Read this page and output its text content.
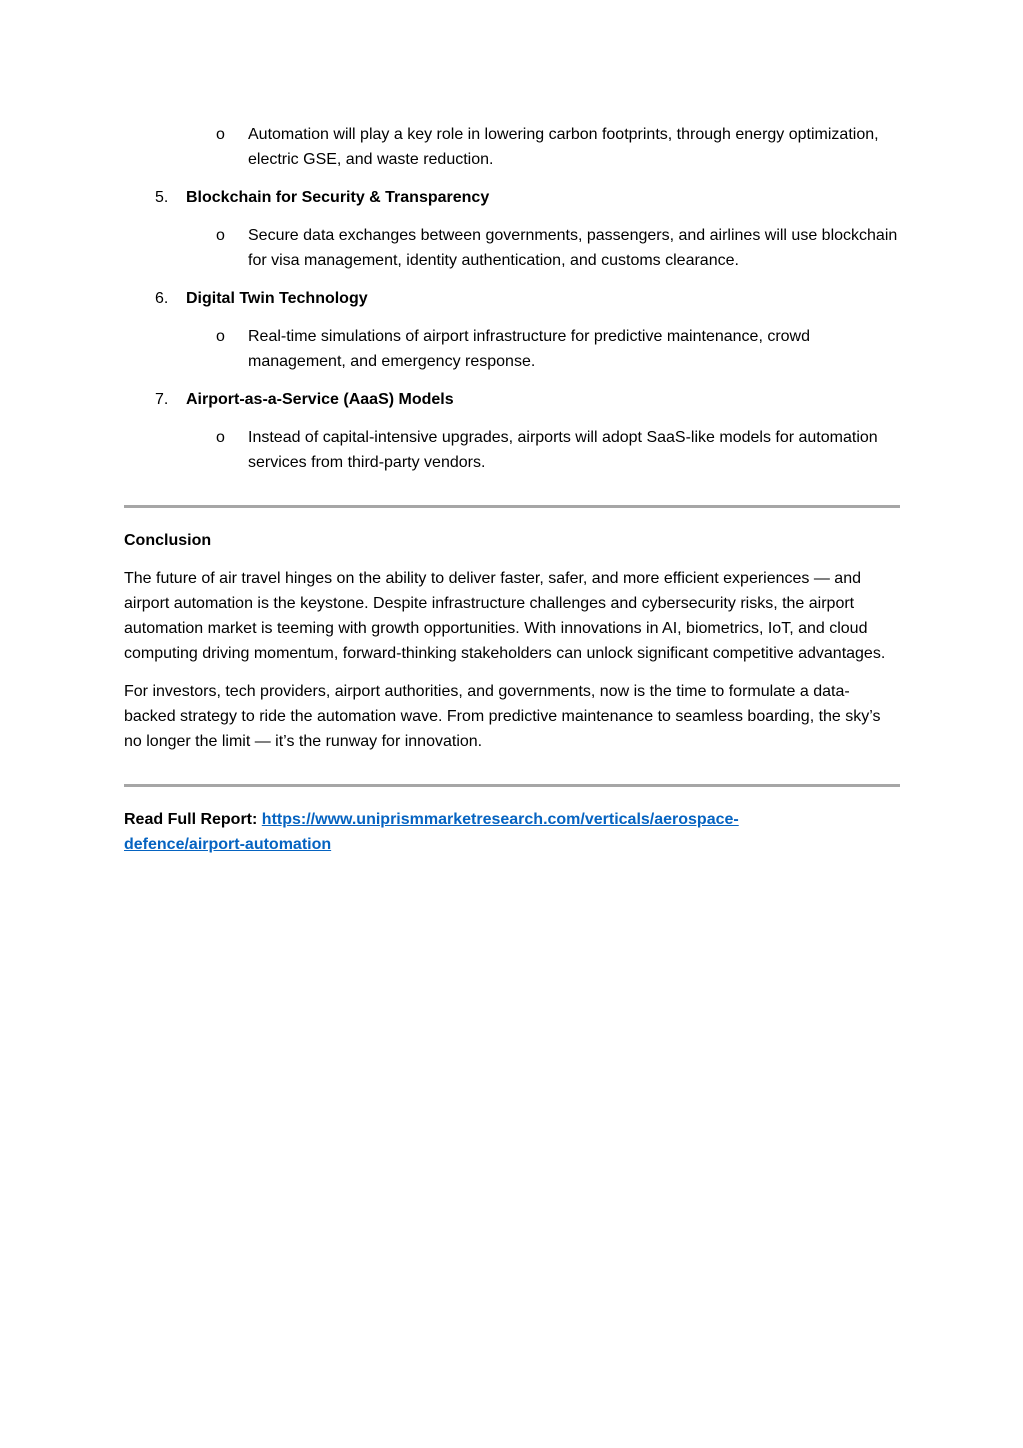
o Automation will play a key role in lowering carbon footprints, through energy optimization, electric GSE, and waste reduction.

5. Blockchain for Security & Transparency

o Secure data exchanges between governments, passengers, and airlines will use blockchain for visa management, identity authentication, and customs clearance.

6. Digital Twin Technology

o Real-time simulations of airport infrastructure for predictive maintenance, crowd management, and emergency response.

7. Airport-as-a-Service (AaaS) Models

o Instead of capital-intensive upgrades, airports will adopt SaaS-like models for automation services from third-party vendors.

Conclusion

The future of air travel hinges on the ability to deliver faster, safer, and more efficient experiences — and airport automation is the keystone. Despite infrastructure challenges and cybersecurity risks, the airport automation market is teeming with growth opportunities. With innovations in AI, biometrics, IoT, and cloud computing driving momentum, forward-thinking stakeholders can unlock significant competitive advantages.

For investors, tech providers, airport authorities, and governments, now is the time to formulate a data-backed strategy to ride the automation wave. From predictive maintenance to seamless boarding, the sky’s no longer the limit — it’s the runway for innovation.

Read Full Report: https://www.uniprismmarketresearch.com/verticals/aerospace-
defence/airport-automation
